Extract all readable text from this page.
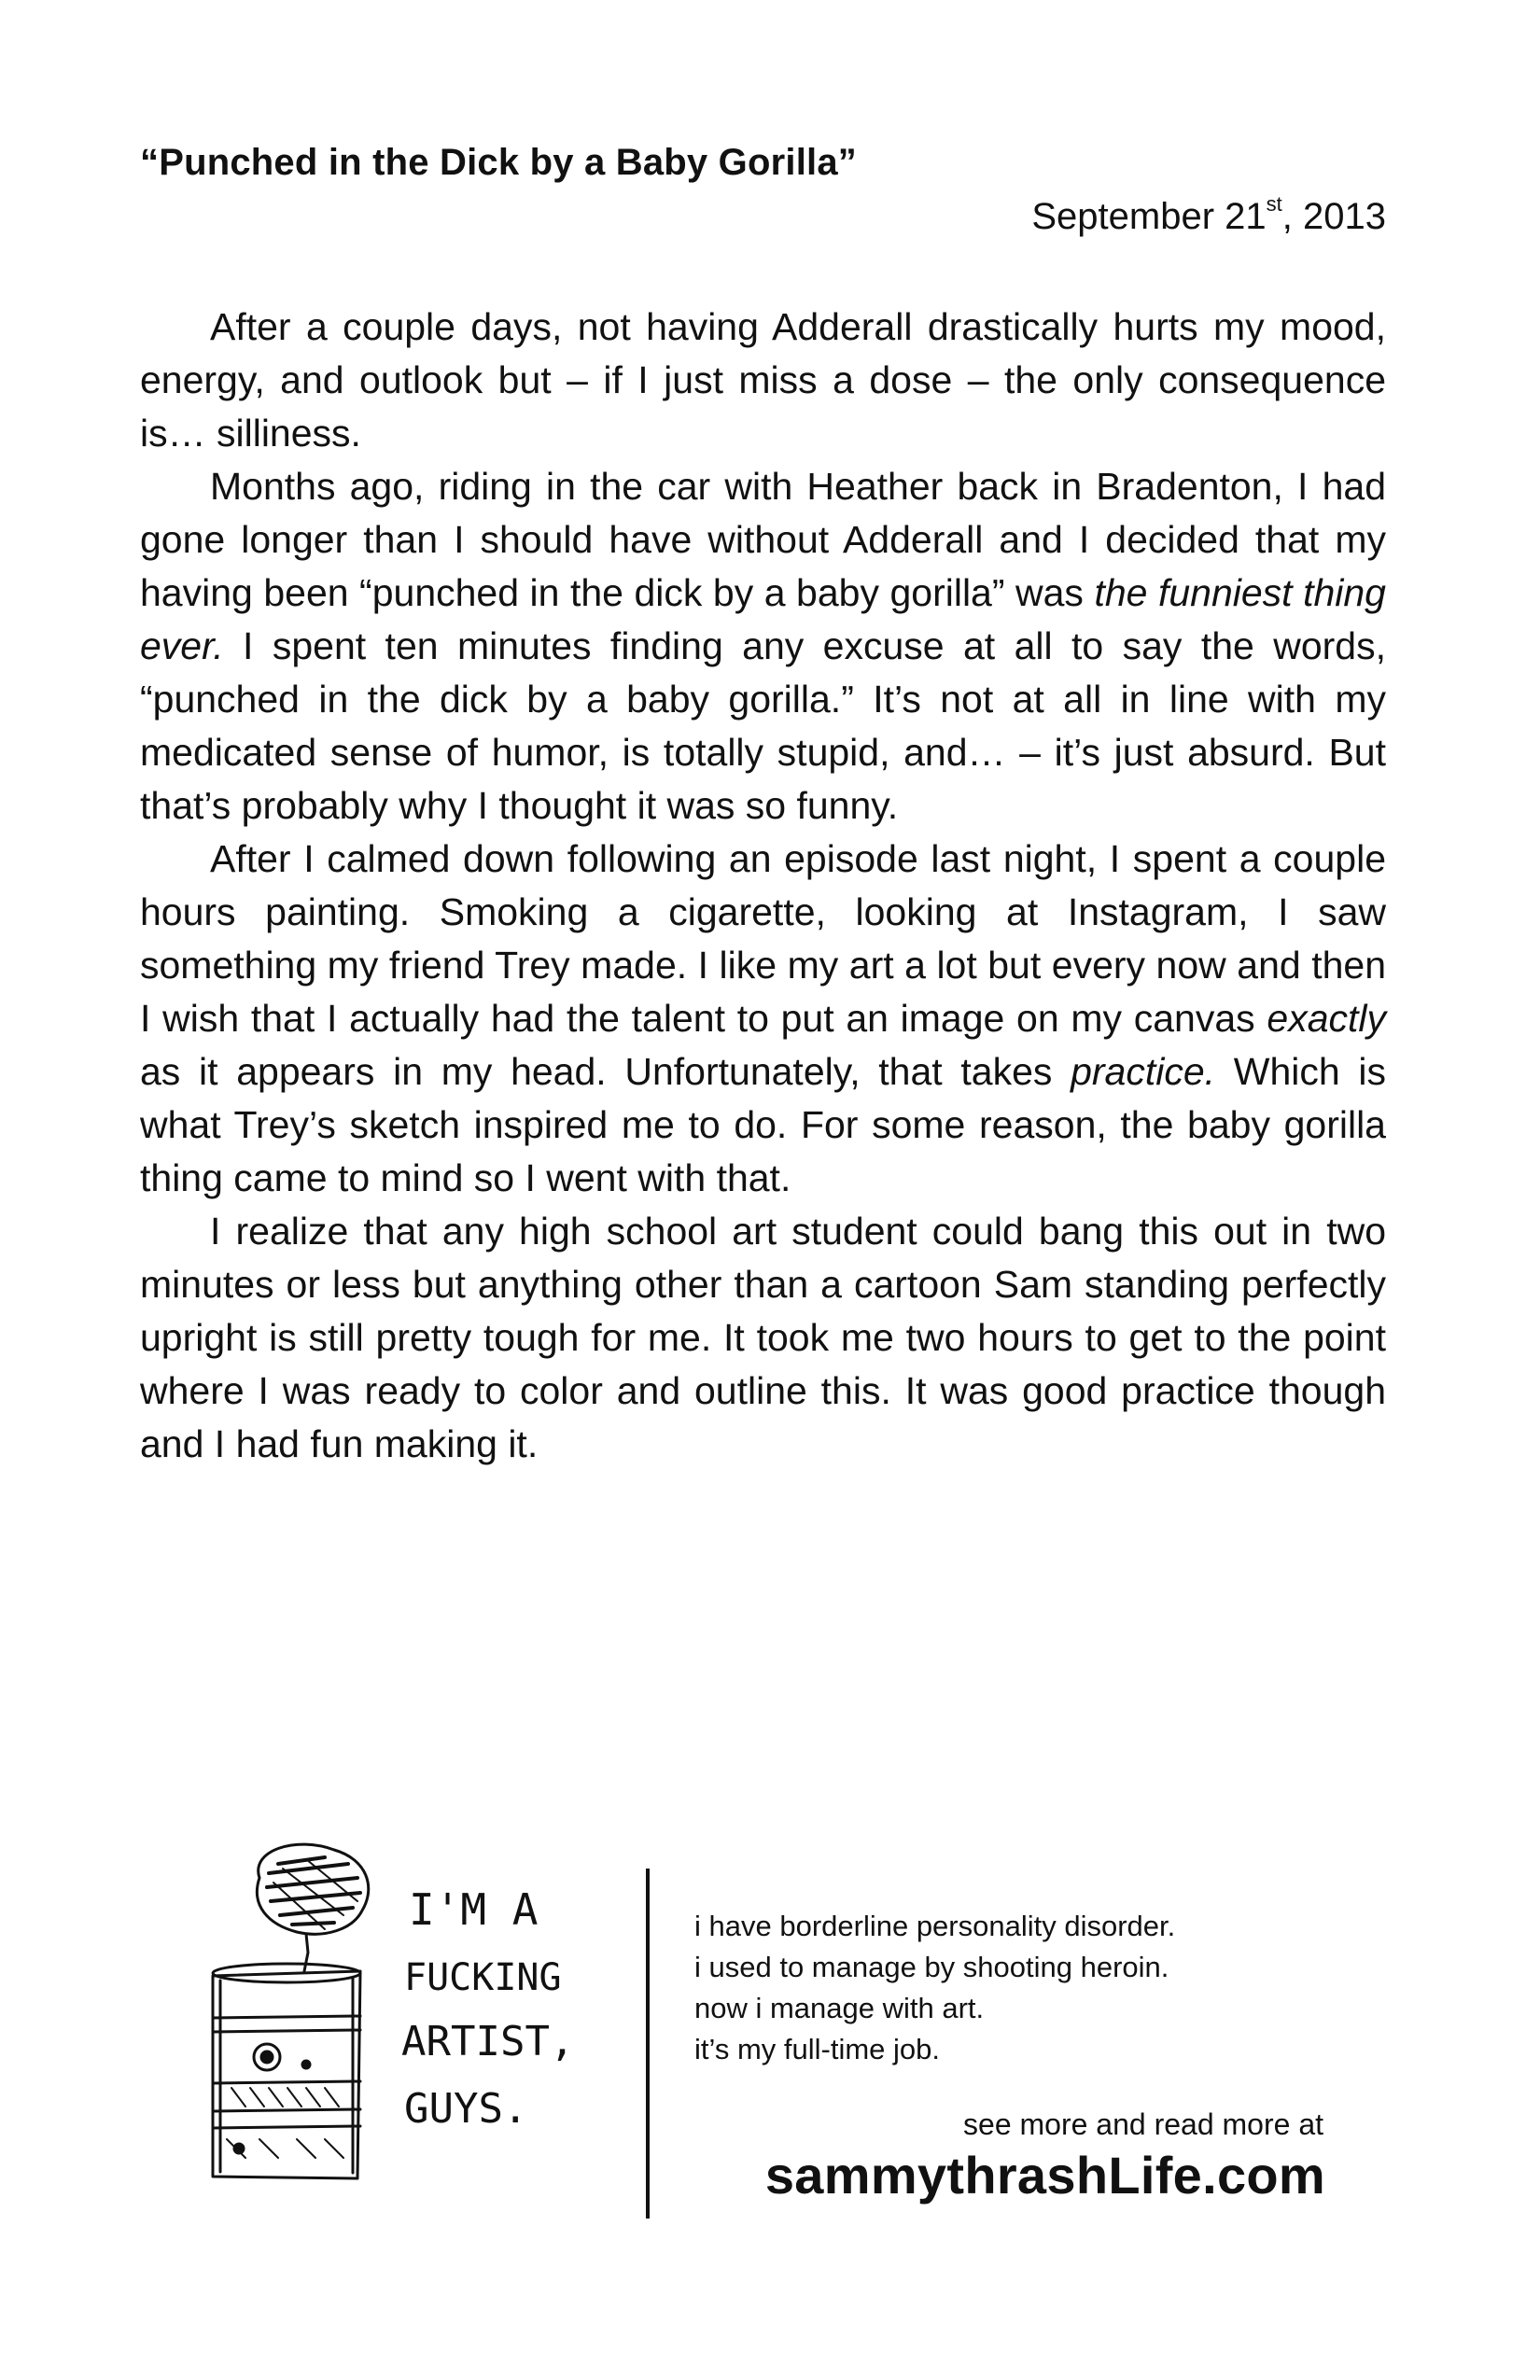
“Punched in the Dick by a Baby Gorilla”
September 21st, 2013

After a couple days, not having Adderall drastically hurts my mood, energy, and outlook but – if I just miss a dose – the only consequence is… silliness.

Months ago, riding in the car with Heather back in Bradenton, I had gone longer than I should have without Adderall and I decided that my having been “punched in the dick by a baby gorilla” was the funniest thing ever. I spent ten minutes finding any excuse at all to say the words, “punched in the dick by a baby gorilla.” It’s not at all in line with my medicated sense of humor, is totally stupid, and… – it’s just absurd. But that’s probably why I thought it was so funny.

After I calmed down following an episode last night, I spent a couple hours painting. Smoking a cigarette, looking at Instagram, I saw something my friend Trey made. I like my art a lot but every now and then I wish that I actually had the talent to put an image on my canvas exactly as it appears in my head. Unfortunately, that takes practice. Which is what Trey’s sketch inspired me to do. For some reason, the baby gorilla thing came to mind so I went with that.

I realize that any high school art student could bang this out in two minutes or less but anything other than a cartoon Sam standing perfectly upright is still pretty tough for me. It took me two hours to get to the point where I was ready to color and outline this. It was good practice though and I had fun making it.

I'M A
FUCKING
ARTIST,
GUYS.
i have borderline personality disorder.
i used to manage by shooting heroin.
now i manage with art.
it’s my full-time job.
see more and read more at
sammythrashLife.com
